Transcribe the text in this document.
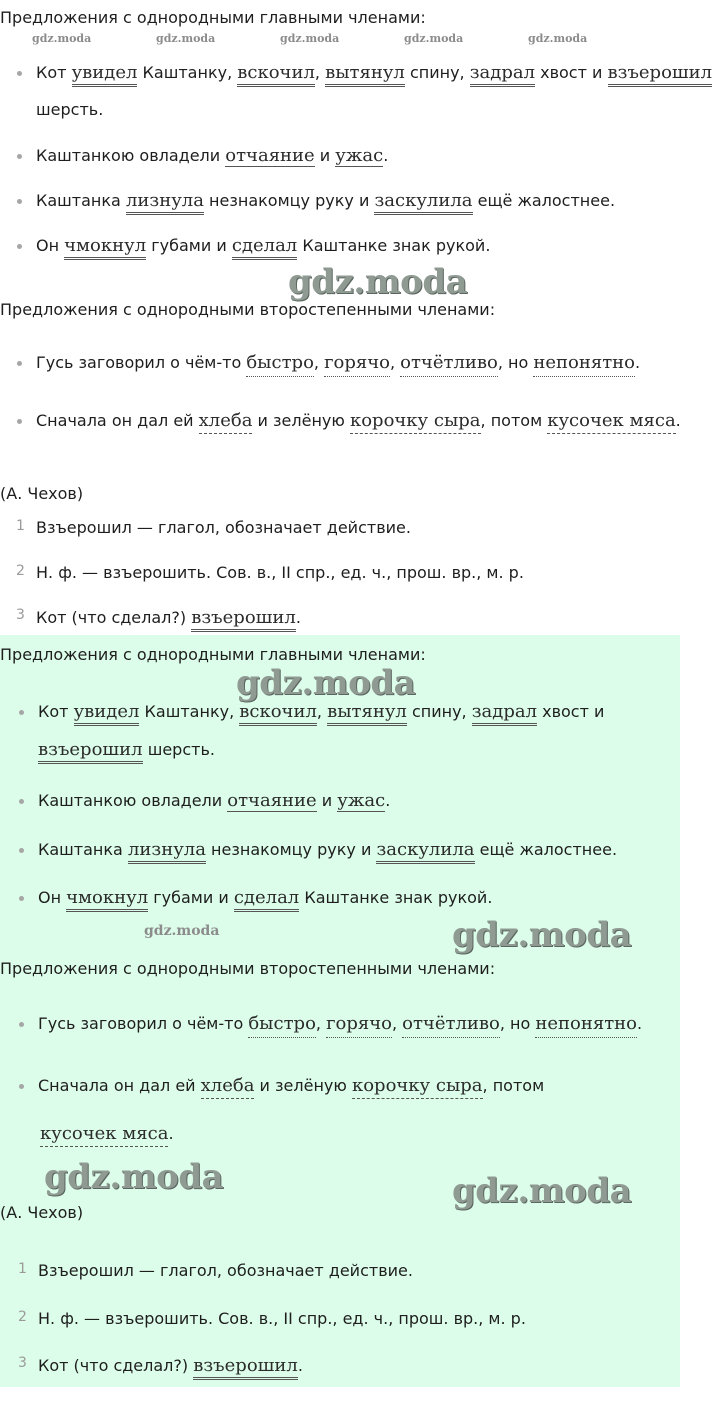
Предложения с однородными главными членами:
gdz.moda	gdz.moda	gdz.moda	gdz.moda	gdz.moda
Кот увидел Каштанку, вскочил, вытянул спину, задрал хвост и взъерошил
шерсть.
Каштанкою овладели отчаяние и ужас.
Каштанка лизнула незнакомцу руку и заскулила ещё жалостнее.
Он чмокнул губами и сделал Каштанке знак рукой.
gdz.moda
Предложения с однородными второстепенными членами:
Гусь заговорил о чём-то быстро, горячо, отчётливо, но непонятно.
Сначала он дал ей хлеба и зелёную корочку сыра, потом кусочек мяса.
(А. Чехов)
1 Взъерошил — глагол, обозначает действие.
2 Н. ф. — взъерошить. Сов. в., II спр., ед. ч., прош. вр., м. р.
3 Кот (что сделал?) взъерошил.
Предложения с однородными главными членами:
gdz.moda
Кот увидел Каштанку, вскочил, вытянул спину, задрал хвост и
взъерошил шерсть.
Каштанкою овладели отчаяние и ужас.
Каштанка лизнула незнакомцу руку и заскулила ещё жалостнее.
Он чмокнул губами и сделал Каштанке знак рукой.
gdz.moda	gdz.moda
Предложения с однородными второстепенными членами:
Гусь заговорил о чём-то быстро, горячо, отчётливо, но непонятно.
Сначала он дал ей хлеба и зелёную корочку сыра, потом
кусочек мяса.
gdz.moda	gdz.moda
(А. Чехов)
1 Взъерошил — глагол, обозначает действие.
2 Н. ф. — взъерошить. Сов. в., II спр., ед. ч., прош. вр., м. р.
3 Кот (что сделал?) взъерошил.
